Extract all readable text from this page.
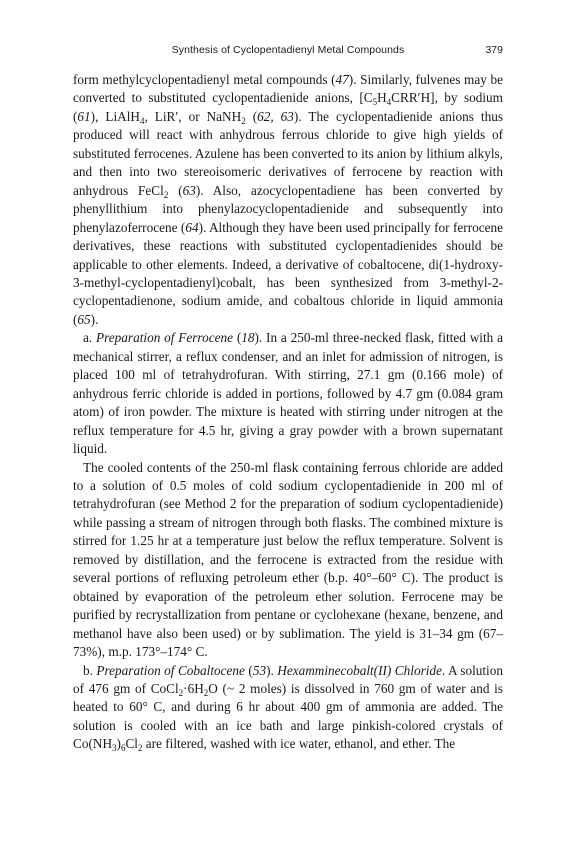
Synthesis of Cyclopentadienyl Metal Compounds	379

form methylcyclopentadienyl metal compounds (47). Similarly, fulvenes may be converted to substituted cyclopentadienide anions, $[C_5H_4CRR'H]$, by sodium (61), LiAlH$_4$, LiR′, or NaNH$_2$ (62, 63). The cyclopentadienide anions thus produced will react with anhydrous ferrous chloride to give high yields of substituted ferrocenes. Azulene has been converted to its anion by lithium alkyls, and then into two stereoisomeric derivatives of ferrocene by reaction with anhydrous FeCl$_2$ (63). Also, azocyclopentadiene has been converted by phenyllithium into phenylazocyclopentadienide and subsequently into phenylazoferrocene (64). Although they have been used principally for ferrocene derivatives, these reactions with substituted cyclopentadienides should be applicable to other elements. Indeed, a derivative of cobaltocene, di(1-hydroxy-3-methyl-cyclopentadienyl)cobalt, has been synthesized from 3-methyl-2-cyclopentadienone, sodium amide, and cobaltous chloride in liquid ammonia (65).

a. Preparation of Ferrocene (18). In a 250-ml three-necked flask, fitted with a mechanical stirrer, a reflux condenser, and an inlet for admission of nitrogen, is placed 100 ml of tetrahydrofuran. With stirring, 27.1 gm (0.166 mole) of anhydrous ferric chloride is added in portions, followed by 4.7 gm (0.084 gram atom) of iron powder. The mixture is heated with stirring under nitrogen at the reflux temperature for 4.5 hr, giving a gray powder with a brown supernatant liquid.

The cooled contents of the 250-ml flask containing ferrous chloride are added to a solution of 0.5 moles of cold sodium cyclopentadienide in 200 ml of tetrahydrofuran (see Method 2 for the preparation of sodium cyclopentadienide) while passing a stream of nitrogen through both flasks. The combined mixture is stirred for 1.25 hr at a temperature just below the reflux temperature. Solvent is removed by distillation, and the ferrocene is extracted from the residue with several portions of refluxing petroleum ether (b.p. 40°–60° C). The product is obtained by evaporation of the petroleum ether solution. Ferrocene may be purified by recrystallization from pentane or cyclohexane (hexane, benzene, and methanol have also been used) or by sublimation. The yield is 31–34 gm (67–73%), m.p. 173°–174° C.

b. Preparation of Cobaltocene (53). Hexamminecobalt(II) Chloride. A solution of 476 gm of $CoCl_2\cdot 6H_2O$ (~ 2 moles) is dissolved in 760 gm of water and is heated to 60° C, and during 6 hr about 400 gm of ammonia are added. The solution is cooled with an ice bath and large pinkish-colored crystals of $Co(NH_3)_6Cl_2$ are filtered, washed with ice water, ethanol, and ether. The
